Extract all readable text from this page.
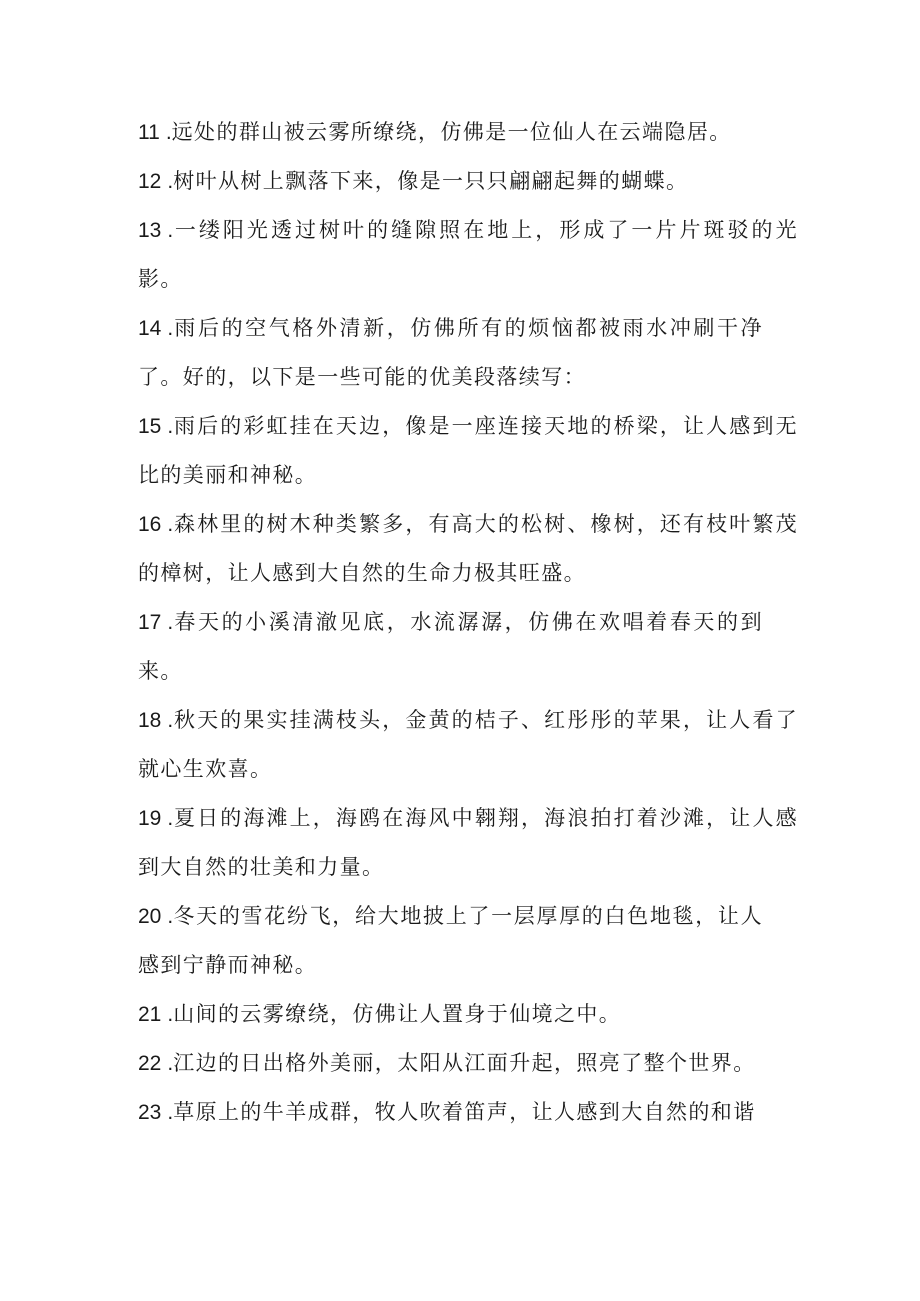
11 .远处的群山被云雾所缭绕，仿佛是一位仙人在云端隐居。

12 .树叶从树上飘落下来，像是一只只翩翩起舞的蝴蝶。

13 .一缕阳光透过树叶的缝隙照在地上，形成了一片片斑驳的光影。

14 .雨后的空气格外清新，仿佛所有的烦恼都被雨水冲刷干净了。好的，以下是一些可能的优美段落续写：

15 .雨后的彩虹挂在天边，像是一座连接天地的桥梁，让人感到无比的美丽和神秘。

16 .森林里的树木种类繁多，有高大的松树、橡树，还有枝叶繁茂的樟树，让人感到大自然的生命力极其旺盛。

17 .春天的小溪清澈见底，水流潺潺，仿佛在欢唱着春天的到来。

18 .秋天的果实挂满枝头，金黄的桔子、红彤彤的苹果，让人看了就心生欢喜。

19 .夏日的海滩上，海鸥在海风中翱翔，海浪拍打着沙滩，让人感到大自然的壮美和力量。

20 .冬天的雪花纷飞，给大地披上了一层厚厚的白色地毯，让人感到宁静而神秘。

21 .山间的云雾缭绕，仿佛让人置身于仙境之中。

22 .江边的日出格外美丽，太阳从江面升起，照亮了整个世界。

23 .草原上的牛羊成群，牧人吹着笛声，让人感到大自然的和谐
